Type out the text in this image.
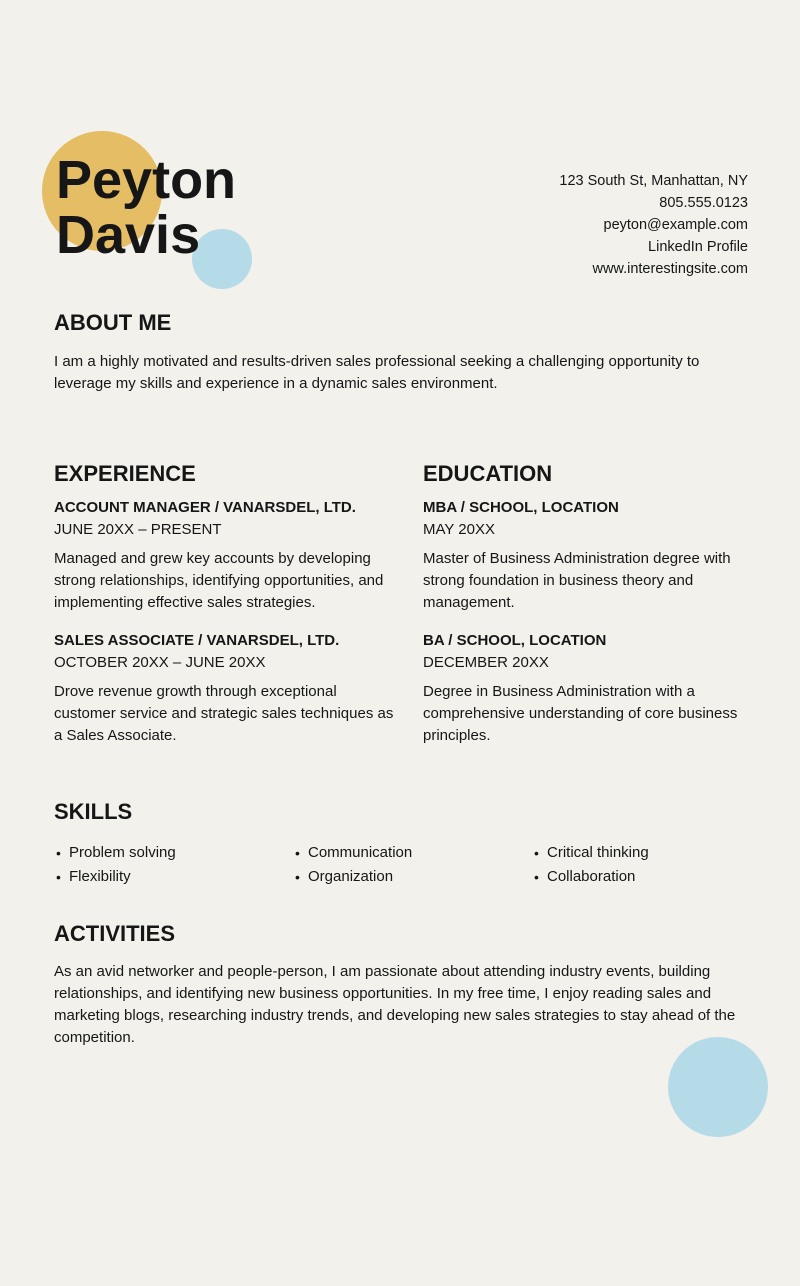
Peyton
Davis
123 South St, Manhattan, NY
805.555.0123
peyton@example.com
LinkedIn Profile
www.interestingsite.com
ABOUT ME

I am a highly motivated and results-driven sales professional seeking a challenging opportunity to leverage my skills and experience in a dynamic sales environment.

EXPERIENCE
ACCOUNT MANAGER / VANARSDEL, LTD.
JUNE 20XX – PRESENT

Managed and grew key accounts by developing strong relationships, identifying opportunities, and implementing effective sales strategies.

SALES ASSOCIATE / VANARSDEL, LTD.
OCTOBER 20XX – JUNE 20XX

Drove revenue growth through exceptional customer service and strategic sales techniques as a Sales Associate.

EDUCATION
MBA / SCHOOL, LOCATION
MAY 20XX

Master of Business Administration degree with strong foundation in business theory and management.

BA / SCHOOL, LOCATION
DECEMBER 20XX

Degree in Business Administration with a comprehensive understanding of core business principles.

SKILLS
• Problem solving
• Flexibility
• Communication
• Organization
• Critical thinking
• Collaboration
ACTIVITIES

As an avid networker and people-person, I am passionate about attending industry events, building relationships, and identifying new business opportunities. In my free time, I enjoy reading sales and marketing blogs, researching industry trends, and developing new sales strategies to stay ahead of the competition.
